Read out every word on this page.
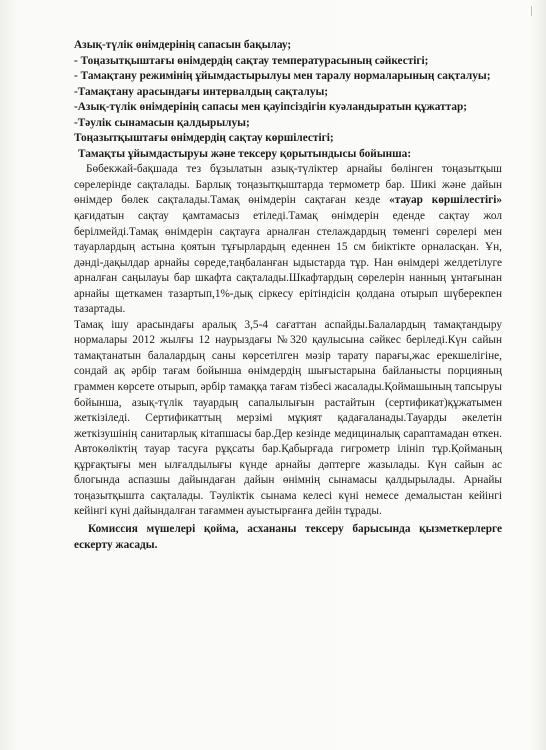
Азық-түлік өнімдерінің сапасын бақылау;

- Тоңазытқыштағы өнімдердің сақтау температурасының сәйкестігі;

- Тамақтану режимінің ұйымдастырылуы мен таралу нормаларының сақталуы;

-Тамақтану арасындағы интервалдың сақталуы;

-Азық-түлік өнімдерінің сапасы мен қауіпсіздігін куәландыратын құжаттар;

-Тәулік сынамасын қалдырылуы;

Тоңазытқыштағы өнімдердің сақтау көршілестігі;

Тамақты ұйымдастыруы және тексеру қорытындысы бойынша:

Бөбекжай-бақшада тез бұзылатын азық-түліктер арнайы бөлінген тоңазытқыш сөрелерінде сақталады. Барлық тоңазытқыштарда термометр бар. Шикі және дайын өнімдер бөлек сақталады.Тамақ өнімдерін сақтаған кезде «тауар көршілестігі» қағидатын сақтау қамтамасыз етіледі.Тамақ өнімдерін еденде сақтау жол берілмейді.Тамақ өнімдерін сақтауға арналған стелаждардың төменгі сөрелері мен тауарлардың астына қоятын тұғырлардың еденнен 15 см биіктікте орналасқан. Ұн, дәнді-дақылдар арнайы сөреде,таңбаланған ыдыстарда тұр. Нан өнімдері желдетілуге арналған саңылауы бар шкафта сақталады.Шкафтардың сөрелерін нанның ұнтағынан арнайы щеткамен тазартып,1%-дық сіркесу ерітіндісін қолдана отырып шүберекпен тазартады.

Тамақ ішу арасындағы аралық 3,5-4 сағаттан аспайды.Балалардың тамақтандыру нормалары 2012 жылғы 12 наурыздағы №320 қаулысына сәйкес беріледі.Күн сайын тамақтанатын балалардың саны көрсетілген мәзір тарату парағы,жас ерекшелігіне, сондай ақ әрбір тағам бойынша өнімдердің шығыстарына байланысты порцияның граммен көрсете отырып, әрбір тамаққа тағам тізбесі жасалады.Қоймашының тапсыруы бойынша, азық-түлік тауардың сапалылығын растайтын (сертификат)құжатымен жеткізіледі. Сертификаттың мерзімі мұқият қадағаланады.Тауарды әкелетін жеткізушінің санитарлық кітапшасы бар.Дер кезінде медициналық сараптамадан өткен. Автокөліктің тауар тасуға рұқсаты бар.Қабырғада гигрометр ілініп тұр.Қойманың құрғақтығы мен ылғалдылығы күнде арнайы дәптерге жазылады. Күн сайын ас блогында аспазшы дайындаған дайын өнімнің сынамасы қалдырылады. Арнайы тоңазытқышта сақталады. Тәуліктік сынама келесі күні немесе демалыстан кейінгі кейінгі күні дайындалған тағаммен ауыстырғанға дейін тұрады.

Комиссия мүшелері қойма, асхананы тексеру барысында қызметкерлерге ескерту жасады.
